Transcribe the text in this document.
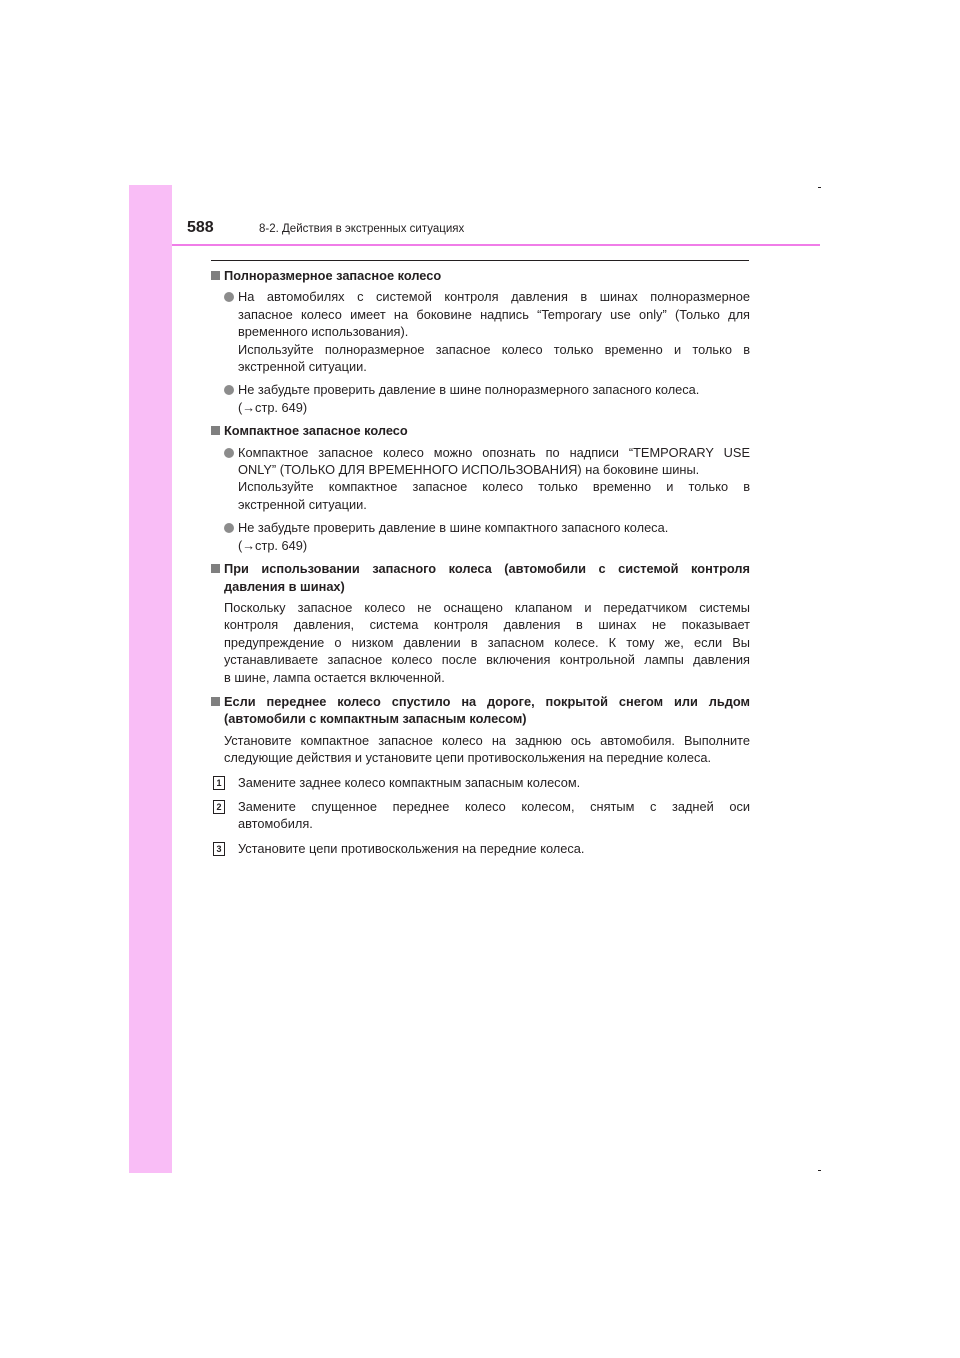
588	8-2. Действия в экстренных ситуациях
Полноразмерное запасное колесо
На автомобилях с системой контроля давления в шинах полноразмерное
запасное колесо имеет на боковине надпись “Temporary use only” (Только для
временного использования).
Используйте полноразмерное запасное колесо только временно и только в
экстренной ситуации.
Не забудьте проверить давление в шине полноразмерного запасного колеса.
(→стр. 649)
Компактное запасное колесо
Компактное запасное колесо можно опознать по надписи “TEMPORARY USE
ONLY” (ТОЛЬКО ДЛЯ ВРЕМЕННОГО ИСПОЛЬЗОВАНИЯ) на боковине шины.
Используйте компактное запасное колесо только временно и только в
экстренной ситуации.
Не забудьте проверить давление в шине компактного запасного колеса.
(→стр. 649)
При использовании запасного колеса (автомобили с системой контроля
давления в шинах)
Поскольку запасное колесо не оснащено клапаном и передатчиком системы
контроля давления, система контроля давления в шинах не показывает
предупреждение о низком давлении в запасном колесе. К тому же, если Вы
устанавливаете запасное колесо после включения контрольной лампы давления
в шине, лампа остается включенной.
Если переднее колесо спустило на дороге, покрытой снегом или льдом
(автомобили с компактным запасным колесом)
Установите компактное запасное колесо на заднюю ось автомобиля. Выполните
следующие действия и установите цепи противоскольжения на передние колеса.
1 Замените заднее колесо компактным запасным колесом.
2 Замените спущенное переднее колесо колесом, снятым с задней оси
автомобиля.
3 Установите цепи противоскольжения на передние колеса.
